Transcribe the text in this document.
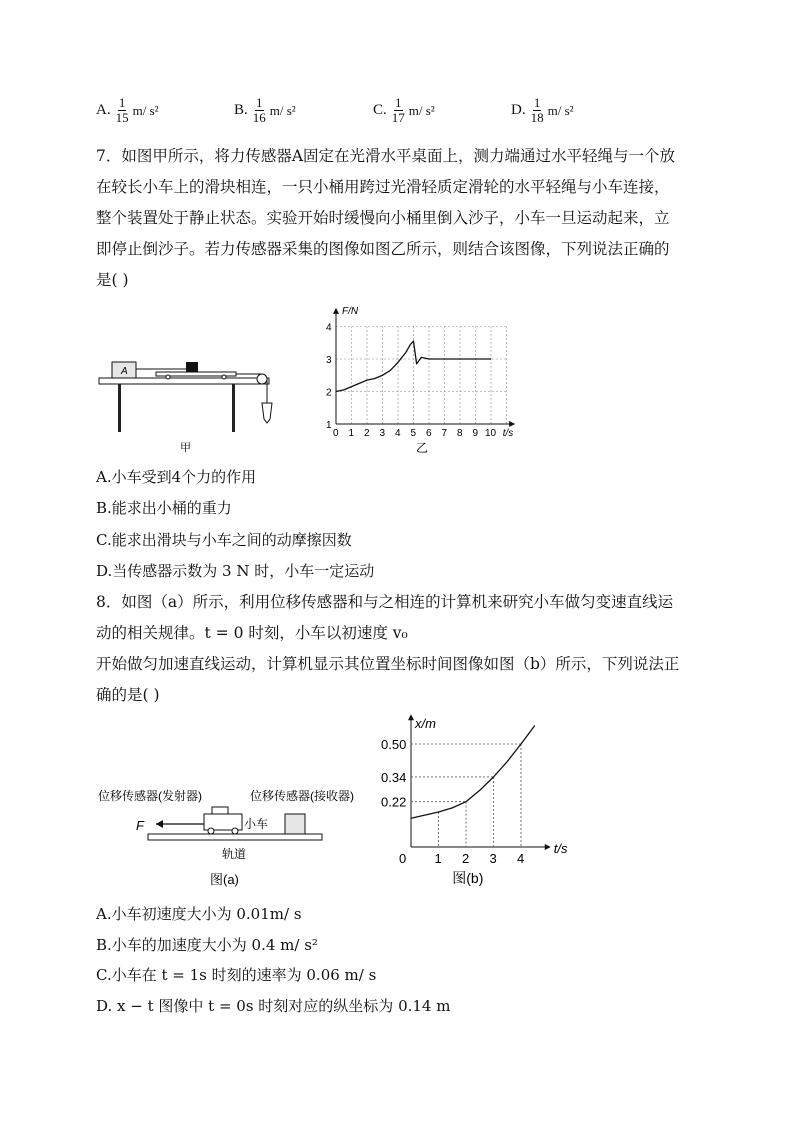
A. $\frac{1}{15} m/$ s²	B. $\frac{1}{16} m/$ s²	C. $\frac{1}{17} m/$ s²	D. $\frac{1}{18} m/$ s²
7．如图甲所示，将力传感器A固定在光滑水平桌面上，测力端通过水平轻绳与一个放
在较长小车上的滑块相连，一只小桶用跨过光滑轻质定滑轮的水平轻绳与小车连接，
整个装置处于静止状态。实验开始时缓慢向小桶里倒入沙子，小车一旦运动起来，立
即停止倒沙子。若力传感器采集的图像如图乙所示，则结合该图像，下列说法正确的
是( )
A
甲
0 1 2 3 4 5 6 7 8 9 10
1
2
3
4
F/N
t/s
乙
A.小车受到4个力的作用
B.能求出小桶的重力
C.能求出滑块与小车之间的动摩擦因数
D.当传感器示数为 3 N 时，小车一定运动
8．如图（a）所示，利用位移传感器和与之相连的计算机来研究小车做匀变速直线运
动的相关规律。t = 0 时刻，小车以初速度 v₀
开始做匀加速直线运动，计算机显示其位置坐标时间图像如图（b）所示，下列说法正
确的是( )
位移传感器(发射器)	位移传感器(接收器)
F	小车
轨道
图(a)
0 1 2 3 4
0.22
0.34
0.50
x/m
t/s
图(b)
A.小车初速度大小为 0.01m/ s
B.小车的加速度大小为 0.4 m/ s²
C.小车在 t = 1s 时刻的速率为 0.06 m/ s
D. x − t 图像中 t = 0s 时刻对应的纵坐标为 0.14 m
